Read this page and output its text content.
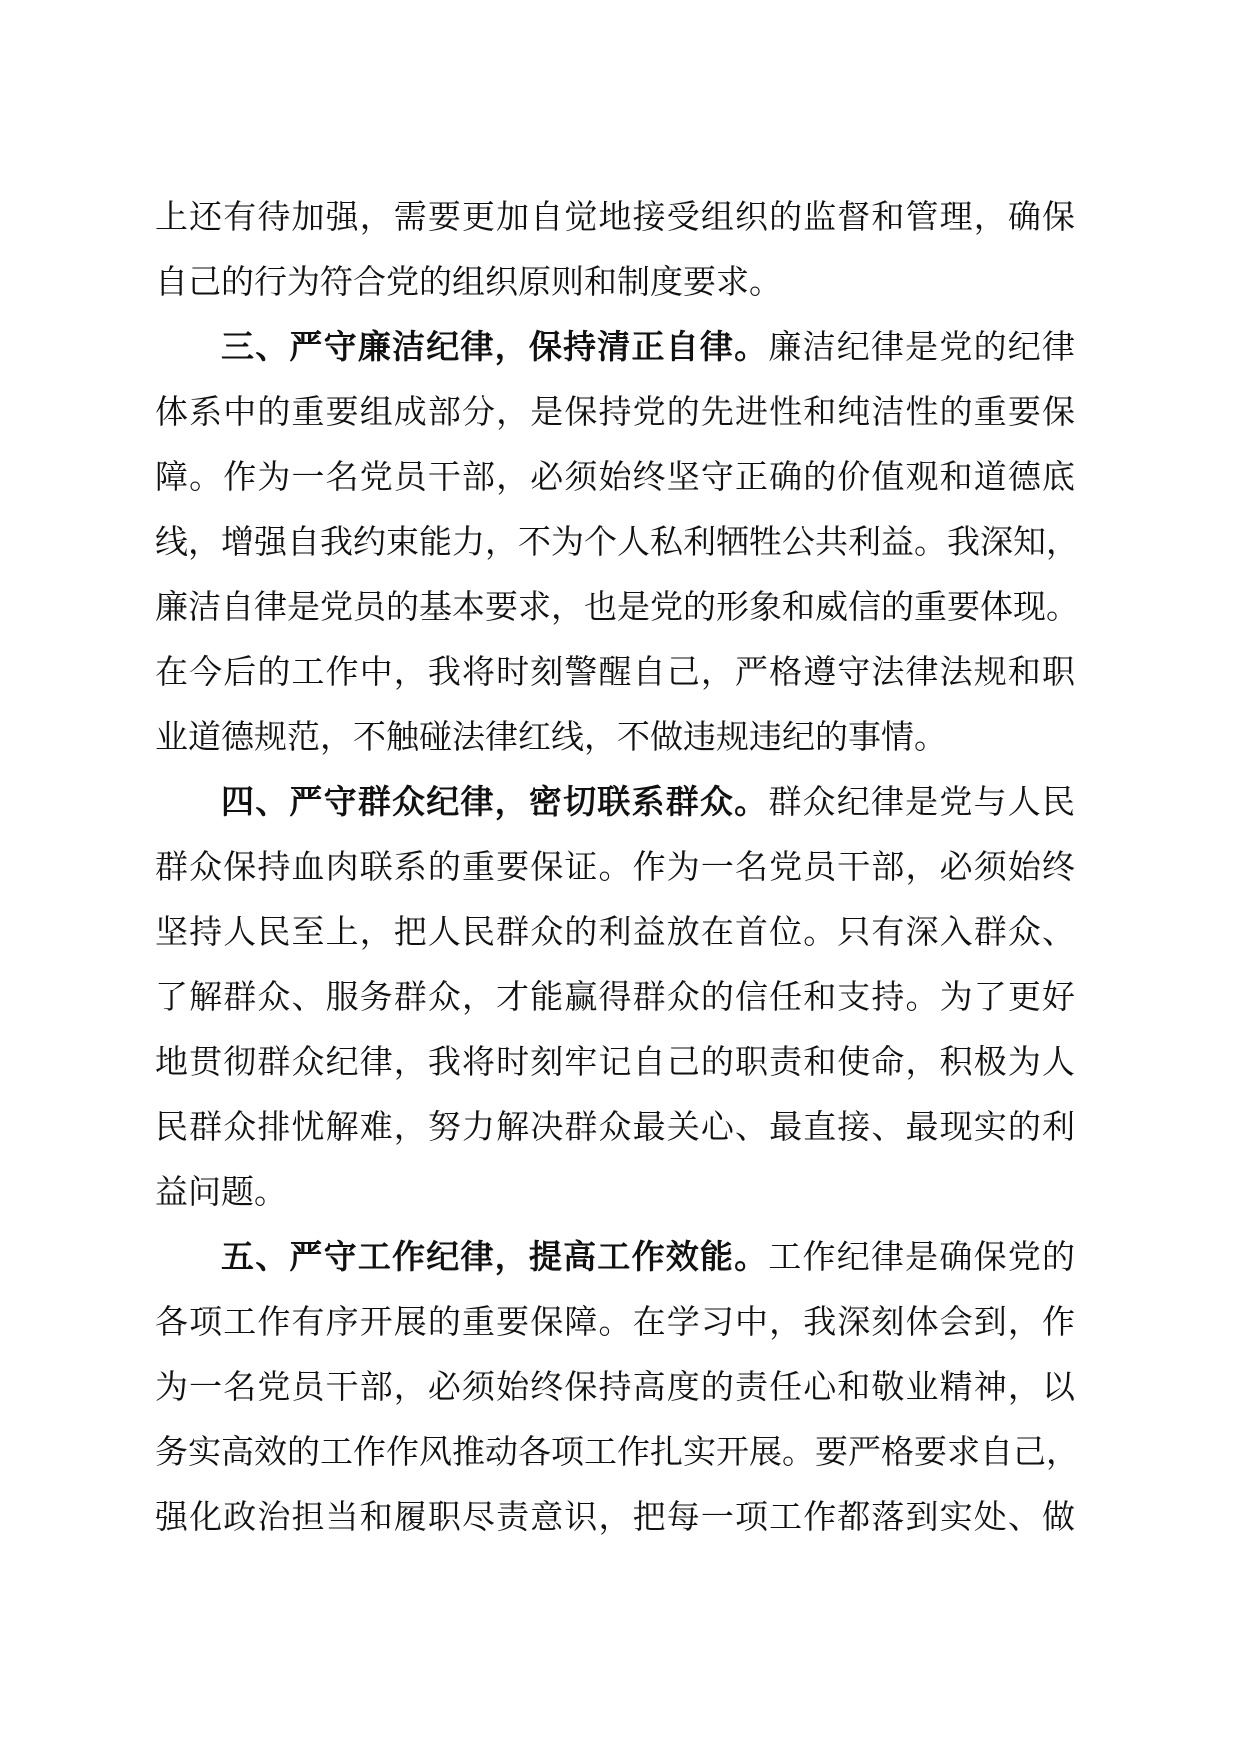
上还有待加强，需要更加自觉地接受组织的监督和管理，确保
自己的行为符合党的组织原则和制度要求。
三、严守廉洁纪律，保持清正自律。廉洁纪律是党的纪律
体系中的重要组成部分，是保持党的先进性和纯洁性的重要保
障。作为一名党员干部，必须始终坚守正确的价值观和道德底
线，增强自我约束能力，不为个人私利牺牲公共利益。我深知，
廉洁自律是党员的基本要求，也是党的形象和威信的重要体现。
在今后的工作中，我将时刻警醒自己，严格遵守法律法规和职
业道德规范，不触碰法律红线，不做违规违纪的事情。
四、严守群众纪律，密切联系群众。群众纪律是党与人民
群众保持血肉联系的重要保证。作为一名党员干部，必须始终
坚持人民至上，把人民群众的利益放在首位。只有深入群众、
了解群众、服务群众，才能赢得群众的信任和支持。为了更好
地贯彻群众纪律，我将时刻牢记自己的职责和使命，积极为人
民群众排忧解难，努力解决群众最关心、最直接、最现实的利
益问题。
五、严守工作纪律，提高工作效能。工作纪律是确保党的
各项工作有序开展的重要保障。在学习中，我深刻体会到，作
为一名党员干部，必须始终保持高度的责任心和敬业精神，以
务实高效的工作作风推动各项工作扎实开展。要严格要求自己，
强化政治担当和履职尽责意识，把每一项工作都落到实处、做
